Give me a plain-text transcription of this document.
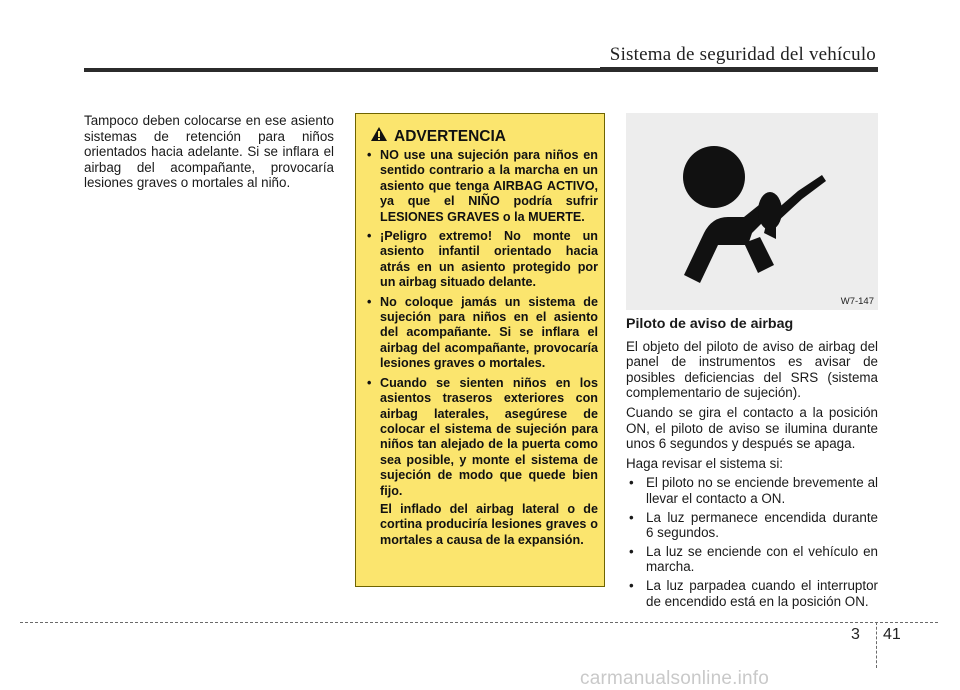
Sistema de seguridad del vehículo
Tampoco deben colocarse en ese asiento sistemas de retención para niños orientados hacia adelante. Si se inflara el airbag del acompañante, provocaría lesiones graves o mortales al niño.
ADVERTENCIA
• NO use una sujeción para niños en sentido contrario a la marcha en un asiento que tenga AIRBAG ACTIVO, ya que el NIÑO podría sufrir LESIONES GRAVES o la MUERTE.
• ¡Peligro extremo! No monte un asiento infantil orientado hacia atrás en un asiento protegido por un airbag situado delante.
• No coloque jamás un sistema de sujeción para niños en el asiento del acompañante. Si se inflara el airbag del acompañante, provocaría lesiones graves o mortales.
• Cuando se sienten niños en los asientos traseros exteriores con airbag laterales, asegúrese de colocar el sistema de sujeción para niños tan alejado de la puerta como sea posible, y monte el sistema de sujeción de modo que quede bien fijo.
El inflado del airbag lateral o de cortina produciría lesiones graves o mortales a causa de la expansión.
W7-147
Piloto de aviso de airbag
El objeto del piloto de aviso de airbag del panel de instrumentos es avisar de posibles deficiencias del SRS (sistema complementario de sujeción).
Cuando se gira el contacto a la posición ON, el piloto de aviso se ilumina durante unos 6 segundos y después se apaga.
Haga revisar el sistema si:
• El piloto no se enciende brevemente al llevar el contacto a ON.
• La luz permanece encendida durante 6 segundos.
• La luz se enciende con el vehículo en marcha.
• La luz parpadea cuando el interruptor de encendido está en la posición ON.
3 41
carmanualsonline.info
